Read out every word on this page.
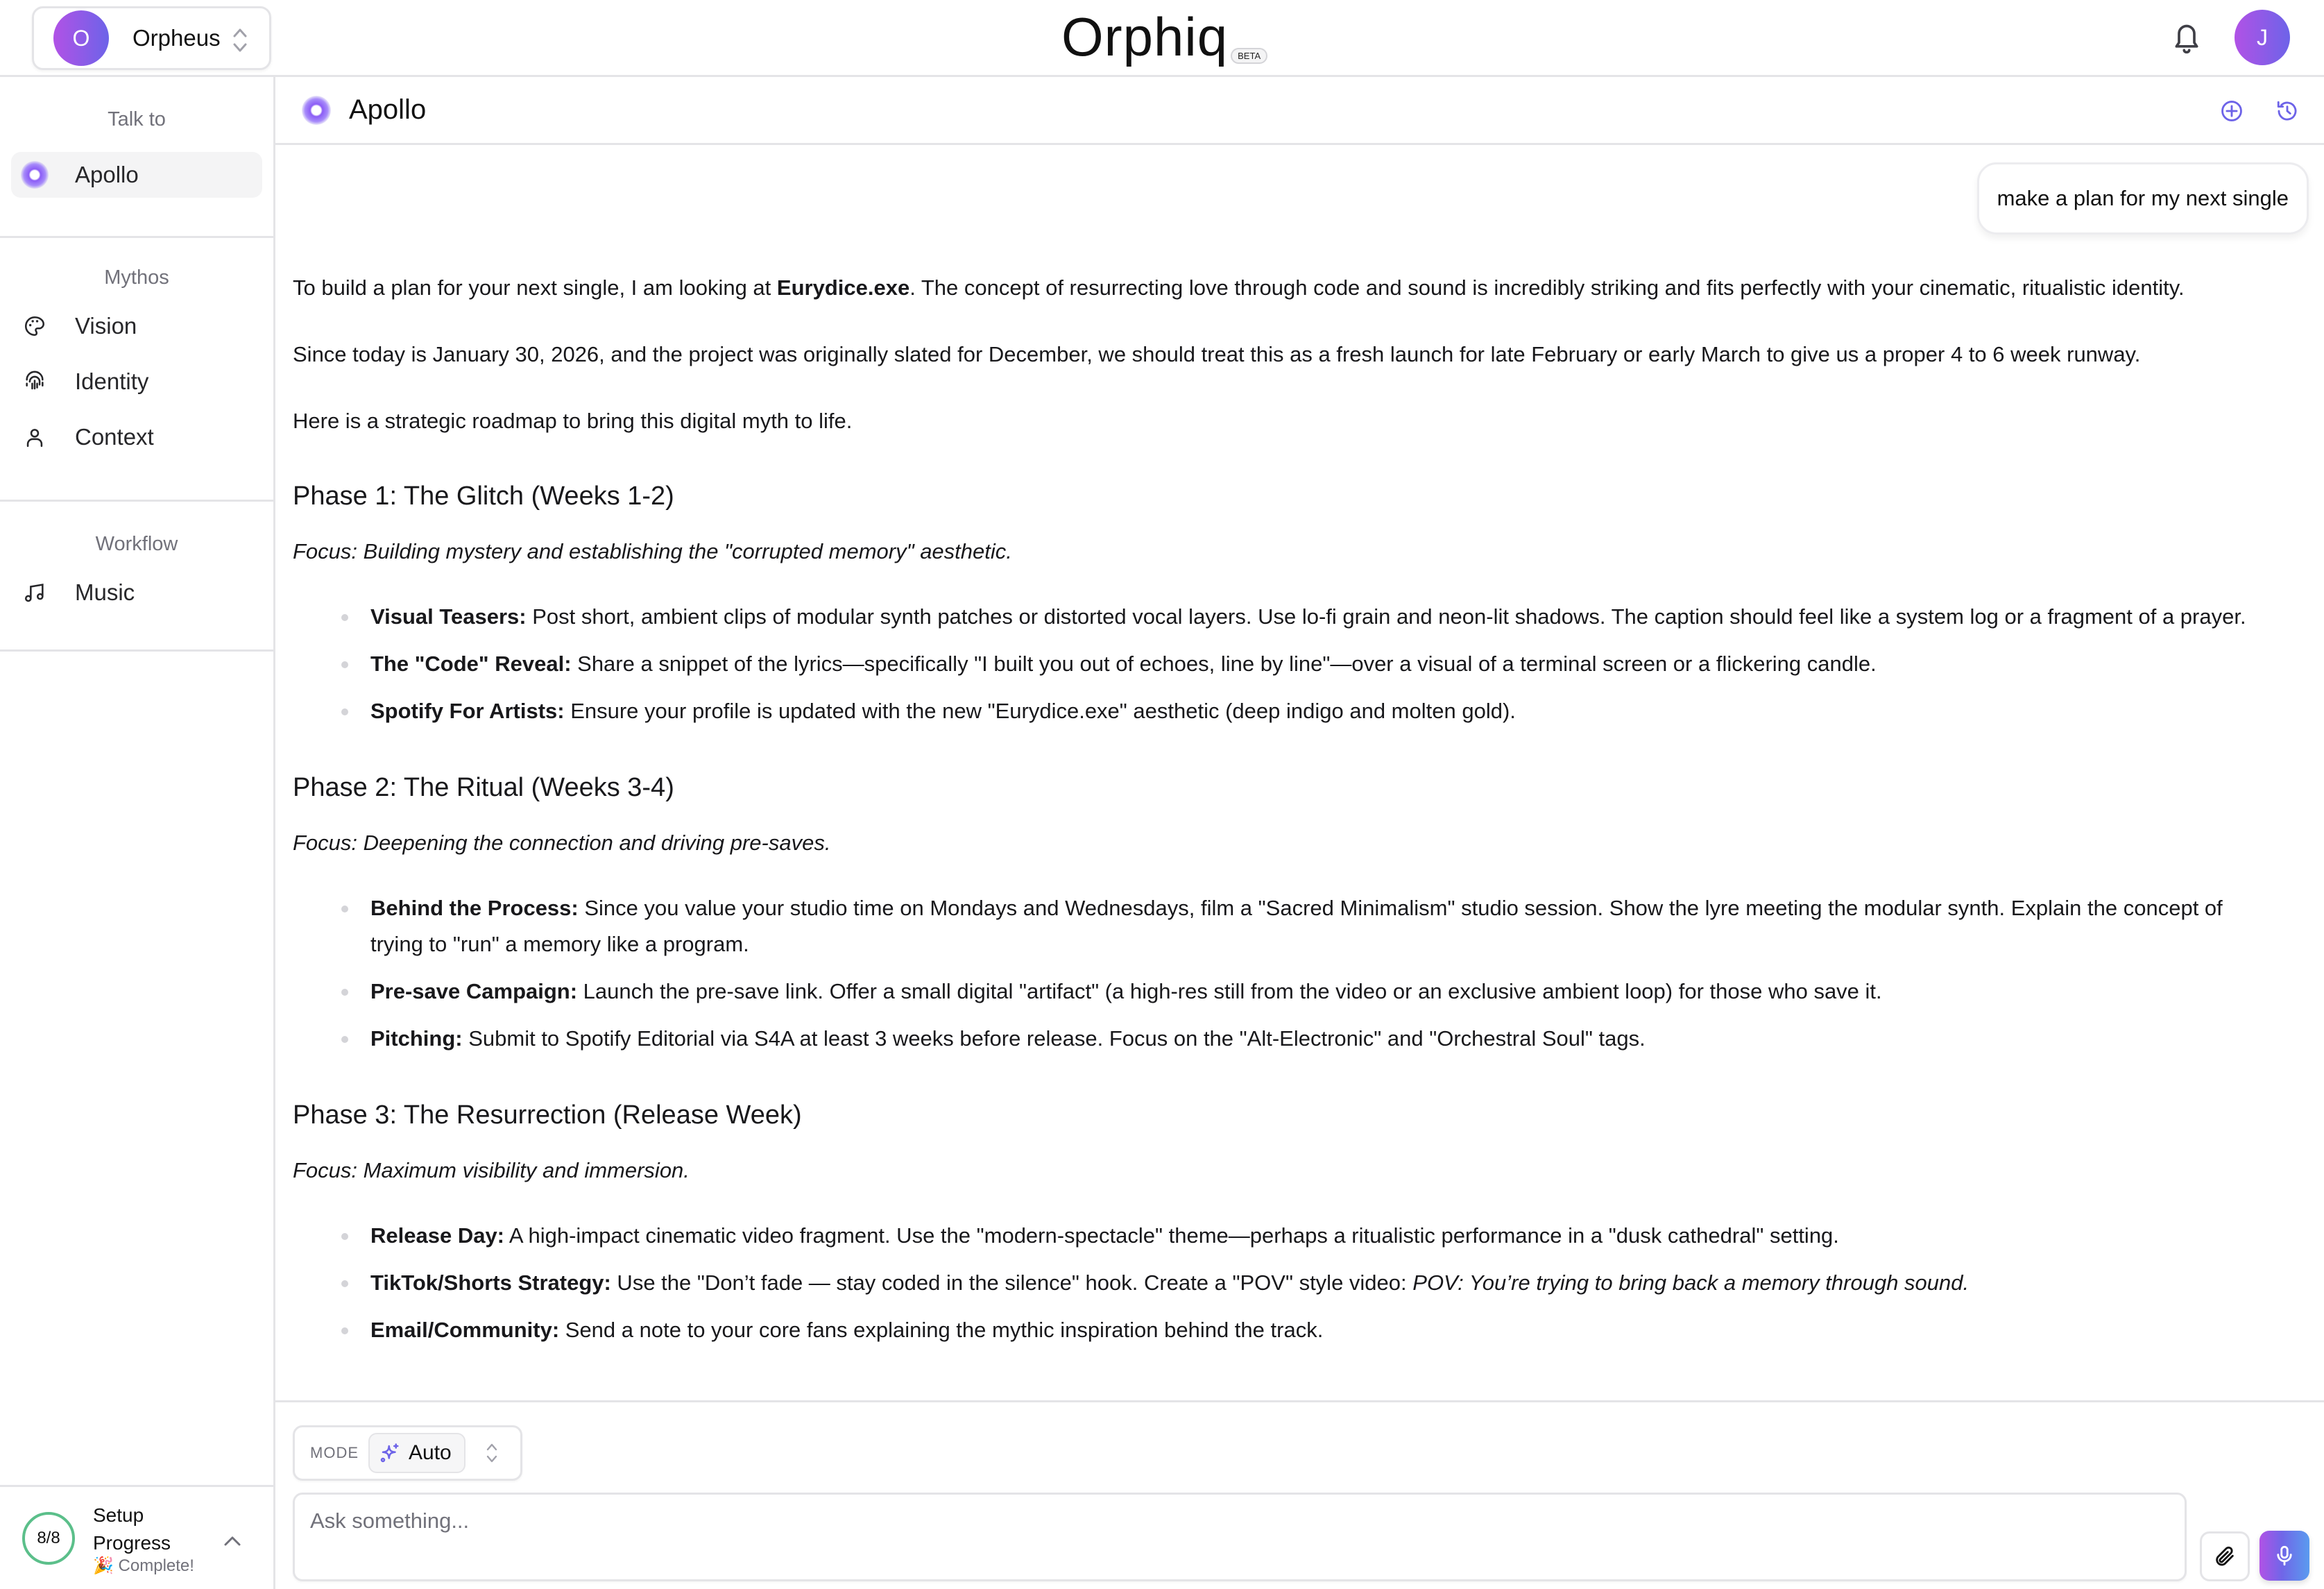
O	Orpheus	Orphiq	BETA
J
Talk to
Apollo
Mythos
Vision
Identity
Context
Workflow
Music
8/8
Setup Progress
🎉 Complete!
Apollo
make a plan for my next single

To build a plan for your next single, I am looking at Eurydice.exe. The concept of resurrecting love through code and sound is incredibly striking and fits perfectly with your cinematic, ritualistic identity.

Since today is January 30, 2026, and the project was originally slated for December, we should treat this as a fresh launch for late February or early March to give us a proper 4 to 6 week runway.

Here is a strategic roadmap to bring this digital myth to life.

Phase 1: The Glitch (Weeks 1-2)

Focus: Building mystery and establishing the "corrupted memory" aesthetic.

Visual Teasers: Post short, ambient clips of modular synth patches or distorted vocal layers. Use lo-fi grain and neon-lit shadows. The caption should feel like a system log or a fragment of a prayer.
The "Code" Reveal: Share a snippet of the lyrics—specifically "I built you out of echoes, line by line"—over a visual of a terminal screen or a flickering candle.
Spotify For Artists: Ensure your profile is updated with the new "Eurydice.exe" aesthetic (deep indigo and molten gold).
Phase 2: The Ritual (Weeks 3-4)

Focus: Deepening the connection and driving pre-saves.

Behind the Process: Since you value your studio time on Mondays and Wednesdays, film a "Sacred Minimalism" studio session. Show the lyre meeting the modular synth. Explain the concept of trying to "run" a memory like a program.
Pre-save Campaign: Launch the pre-save link. Offer a small digital "artifact" (a high-res still from the video or an exclusive ambient loop) for those who save it.
Pitching: Submit to Spotify Editorial via S4A at least 3 weeks before release. Focus on the "Alt-Electronic" and "Orchestral Soul" tags.
Phase 3: The Resurrection (Release Week)

Focus: Maximum visibility and immersion.

Release Day: A high-impact cinematic video fragment. Use the "modern-spectacle" theme—perhaps a ritualistic performance in a "dusk cathedral" setting.
TikTok/Shorts Strategy: Use the "Don’t fade — stay coded in the silence" hook. Create a "POV" style video: POV: You’re trying to bring back a memory through sound.
Email/Community: Send a note to your core fans explaining the mythic inspiration behind the track.
MODE Auto
Ask something...
